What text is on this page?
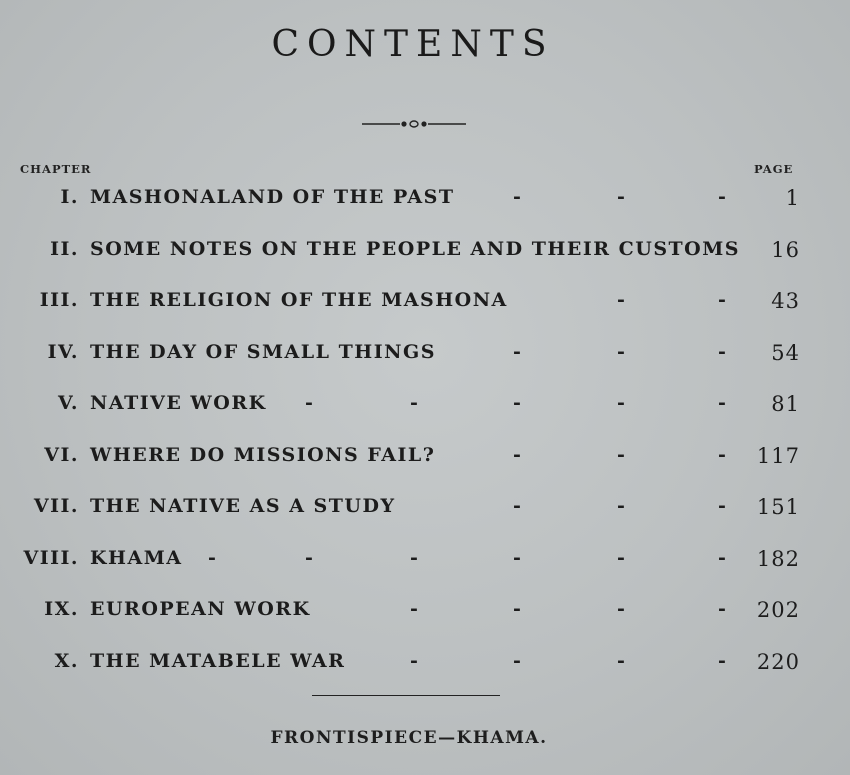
CONTENTS
CHAPTER	PAGE
I. MASHONALAND OF THE PAST	-	-	-	1
II. SOME NOTES ON THE PEOPLE AND THEIR CUSTOMS 16
III. THE RELIGION OF THE MASHONA	-	- 43
IV. THE DAY OF SMALL THINGS	-	-	- 54
V. NATIVE WORK -	-	-	-	- 81
VI. WHERE DO MISSIONS FAIL?	-	-	- 117
VII. THE NATIVE AS A STUDY	-	-	- 151
VIII. KHAMA -	-	-	-	-	- 182
IX. EUROPEAN WORK	-	-	-	- 202
X. THE MATABELE WAR	-	-	-	- 220
FRONTISPIECE—KHAMA.
